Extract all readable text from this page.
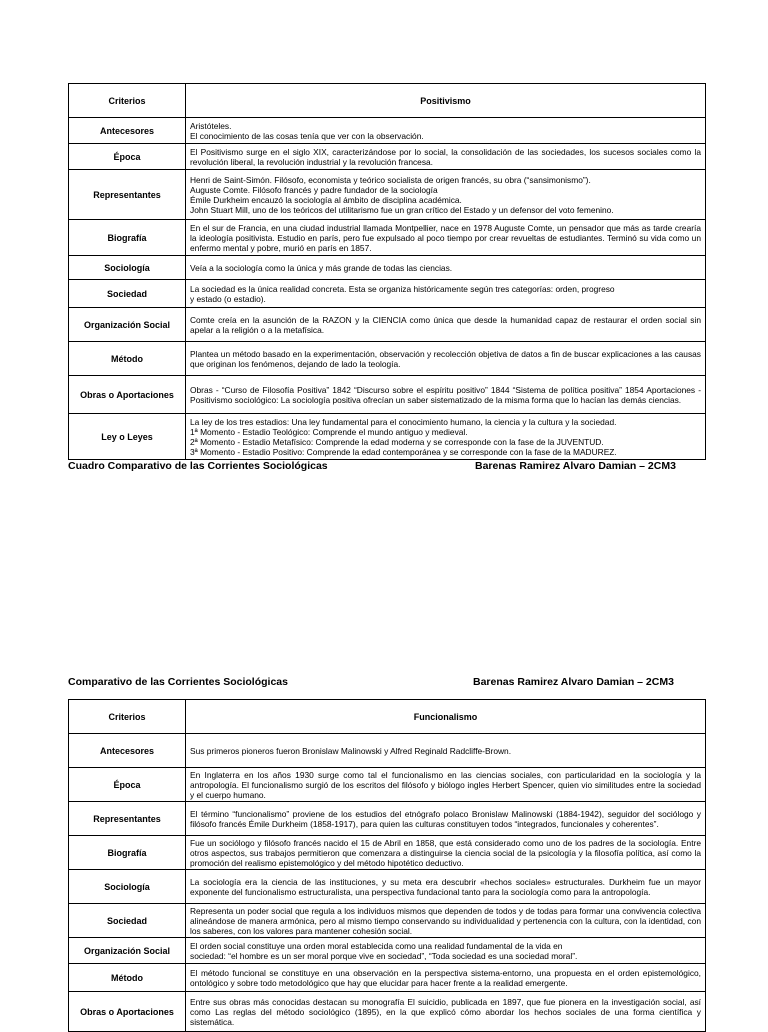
Criterios	Positivismo
Antecesores	Aristóteles.
El conocimiento de las cosas tenía que ver con la observación.

Época	El Positivismo surge en el siglo XIX, caracterizándose por lo social, la consolidación de las sociedades, los sucesos sociales como la revolución liberal, la revolución industrial y la revolución francesa.

Representantes	Henri de Saint-Simón. Filósofo, economista y teórico socialista de origen francés, su obra (“sansimonismo”).
Auguste Comte. Filósofo francés y padre fundador de la sociología
Émile Durkheim encauzó la sociología al ámbito de disciplina académica.
John Stuart Mill, uno de los teóricos del utilitarismo fue un gran crítico del Estado y un defensor del voto femenino.

Biografía	En el sur de Francia, en una ciudad industrial llamada Montpellier, nace en 1978 Auguste Comte, un pensador que más as tarde crearía la ideología positivista. Estudio en parís, pero fue expulsado al poco tiempo por crear revueltas de estudiantes. Terminó su vida como un enfermo mental y pobre, murió en parís en 1857.

Sociología	Veía a la sociología como la única y más grande de todas las ciencias.

Sociedad	La sociedad es la única realidad concreta. Esta se organiza históricamente según tres categorías: orden, progreso
y estado (o estadio).

Organización Social	Comte creía en la asunción de la RAZON y la CIENCIA como única que desde la humanidad capaz de restaurar el orden social sin apelar a la religión o a la metafísica.

Método	Plantea un método basado en la experimentación, observación y recolección objetiva de datos a fin de buscar explicaciones a las causas que originan los fenómenos, dejando de lado la teología.

Obras o Aportaciones	Obras - “Curso de Filosofía Positiva” 1842 “Discurso sobre el espíritu positivo” 1844 “Sistema de política positiva” 1854 Aportaciones - Positivismo sociológico: La sociología positiva ofrecían un saber sistematizado de la misma forma que lo hacían las demás ciencias.

Ley o Leyes	La ley de los tres estadios: Una ley fundamental para el conocimiento humano, la ciencia y la cultura y la sociedad.
1ª Momento - Estadio Teológico: Comprende el mundo antiguo y medieval.
2ª Momento - Estadio Metafísico: Comprende la edad moderna y se corresponde con la fase de la JUVENTUD.
3ª Momento - Estadio Positivo: Comprende la edad contemporánea y se corresponde con la fase de la MADUREZ.
Cuadro Comparativo de las Corrientes Sociológicas	Barenas Ramirez Alvaro Damian – 2CM3
Comparativo de las Corrientes Sociológicas	Barenas Ramirez Alvaro Damian – 2CM3
Criterios	Funcionalismo
Antecesores	Sus primeros pioneros fueron Bronislaw Malinowski y Alfred Reginald Radcliffe-Brown.

Época	En Inglaterra en los años 1930 surge como tal el funcionalismo en las ciencias sociales, con particularidad en la sociología y la antropología. El funcionalismo surgió de los escritos del filósofo y biólogo ingles Herbert Spencer, quien vio similitudes entre la sociedad y el cuerpo humano.

Representantes	El término “funcionalismo” proviene de los estudios del etnógrafo polaco Bronislaw Malinowski (1884-1942), seguidor del sociólogo y filósofo francés Émile Durkheim (1858-1917), para quien las culturas constituyen todos “integrados, funcionales y coherentes”.

Biografía	Fue un sociólogo y filósofo francés nacido el 15 de Abril en 1858, que está considerado como uno de los padres de la sociología. Entre otros aspectos, sus trabajos permitieron que comenzara a distinguirse la ciencia social de la psicología y la filosofía política, así como la promoción del realismo epistemológico y del método hipotético deductivo.

Sociología	La sociología era la ciencia de las instituciones, y su meta era descubrir «hechos sociales» estructurales. Durkheim fue un mayor exponente del funcionalismo estructuralista, una perspectiva fundacional tanto para la sociología como para la antropología.

Sociedad	Representa un poder social que regula a los individuos mismos que dependen de todos y de todas para formar una convivencia colectiva alineándose de manera armónica, pero al mismo tiempo conservando su individualidad y pertenencia con la cultura, con la identidad, con los saberes, con los valores para mantener cohesión social.

Organización Social	El orden social constituye una orden moral establecida como una realidad fundamental de la vida en
sociedad: “el hombre es un ser moral porque vive en sociedad”, “Toda sociedad es una sociedad moral”.

Método	El método funcional se constituye en una observación en la perspectiva sistema-entorno, una propuesta en el orden epistemológico, ontológico y sobre todo metodológico que hay que elucidar para hacer frente a la realidad emergente.

Obras o Aportaciones	Entre sus obras más conocidas destacan su monografía El suicidio, publicada en 1897, que fue pionera en la investigación social, así como Las reglas del método sociológico (1895), en la que explicó cómo abordar los hechos sociales de una forma científica y sistemática.
